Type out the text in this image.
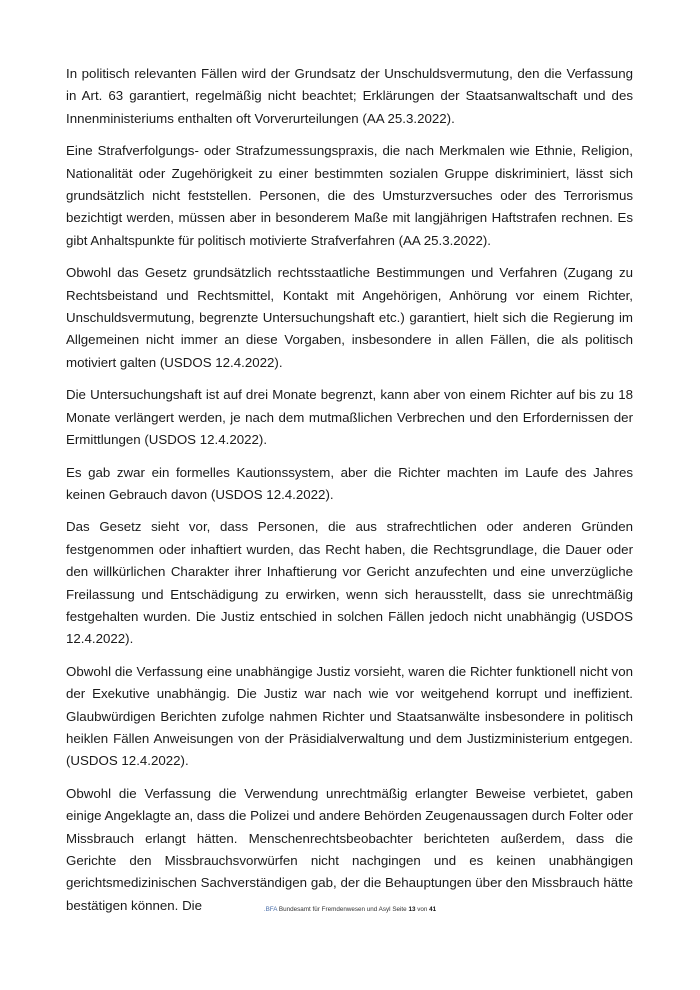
In politisch relevanten Fällen wird der Grundsatz der Unschuldsvermutung, den die Verfassung in Art. 63 garantiert, regelmäßig nicht beachtet; Erklärungen der Staatsanwaltschaft und des Innenministeriums enthalten oft Vorverurteilungen (AA 25.3.2022).

Eine Strafverfolgungs- oder Strafzumessungspraxis, die nach Merkmalen wie Ethnie, Religion, Nationalität oder Zugehörigkeit zu einer bestimmten sozialen Gruppe diskriminiert, lässt sich grundsätzlich nicht feststellen. Personen, die des Umsturzversuches oder des Terrorismus bezichtigt werden, müssen aber in besonderem Maße mit langjährigen Haftstrafen rechnen. Es gibt Anhaltspunkte für politisch motivierte Strafverfahren (AA 25.3.2022).

Obwohl das Gesetz grundsätzlich rechtsstaatliche Bestimmungen und Verfahren (Zugang zu Rechtsbeistand und Rechtsmittel, Kontakt mit Angehörigen, Anhörung vor einem Richter, Unschuldsvermutung, begrenzte Untersuchungshaft etc.) garantiert, hielt sich die Regierung im Allgemeinen nicht immer an diese Vorgaben, insbesondere in allen Fällen, die als politisch motiviert galten (USDOS 12.4.2022).

Die Untersuchungshaft ist auf drei Monate begrenzt, kann aber von einem Richter auf bis zu 18 Monate verlängert werden, je nach dem mutmaßlichen Verbrechen und den Erfordernissen der Ermittlungen (USDOS 12.4.2022).

Es gab zwar ein formelles Kautionssystem, aber die Richter machten im Laufe des Jahres keinen Gebrauch davon (USDOS 12.4.2022).

Das Gesetz sieht vor, dass Personen, die aus strafrechtlichen oder anderen Gründen festgenommen oder inhaftiert wurden, das Recht haben, die Rechtsgrundlage, die Dauer oder den willkürlichen Charakter ihrer Inhaftierung vor Gericht anzufechten und eine unverzügliche Freilassung und Entschädigung zu erwirken, wenn sich herausstellt, dass sie unrechtmäßig festgehalten wurden. Die Justiz entschied in solchen Fällen jedoch nicht unabhängig (USDOS 12.4.2022).

Obwohl die Verfassung eine unabhängige Justiz vorsieht, waren die Richter funktionell nicht von der Exekutive unabhängig. Die Justiz war nach wie vor weitgehend korrupt und ineffizient. Glaubwürdigen Berichten zufolge nahmen Richter und Staatsanwälte insbesondere in politisch heiklen Fällen Anweisungen von der Präsidialverwaltung und dem Justizministerium entgegen. (USDOS 12.4.2022).

Obwohl die Verfassung die Verwendung unrechtmäßig erlangter Beweise verbietet, gaben einige Angeklagte an, dass die Polizei und andere Behörden Zeugenaussagen durch Folter oder Missbrauch erlangt hätten. Menschenrechtsbeobachter berichteten außerdem, dass die Gerichte den Missbrauchsvorwürfen nicht nachgingen und es keinen unabhängigen gerichtsmedizinischen Sachverständigen gab, der die Behauptungen über den Missbrauch hätte bestätigen können. Die	.BFA Bundesamt für Fremdenwesen und Asyl Seite 13 von 41
